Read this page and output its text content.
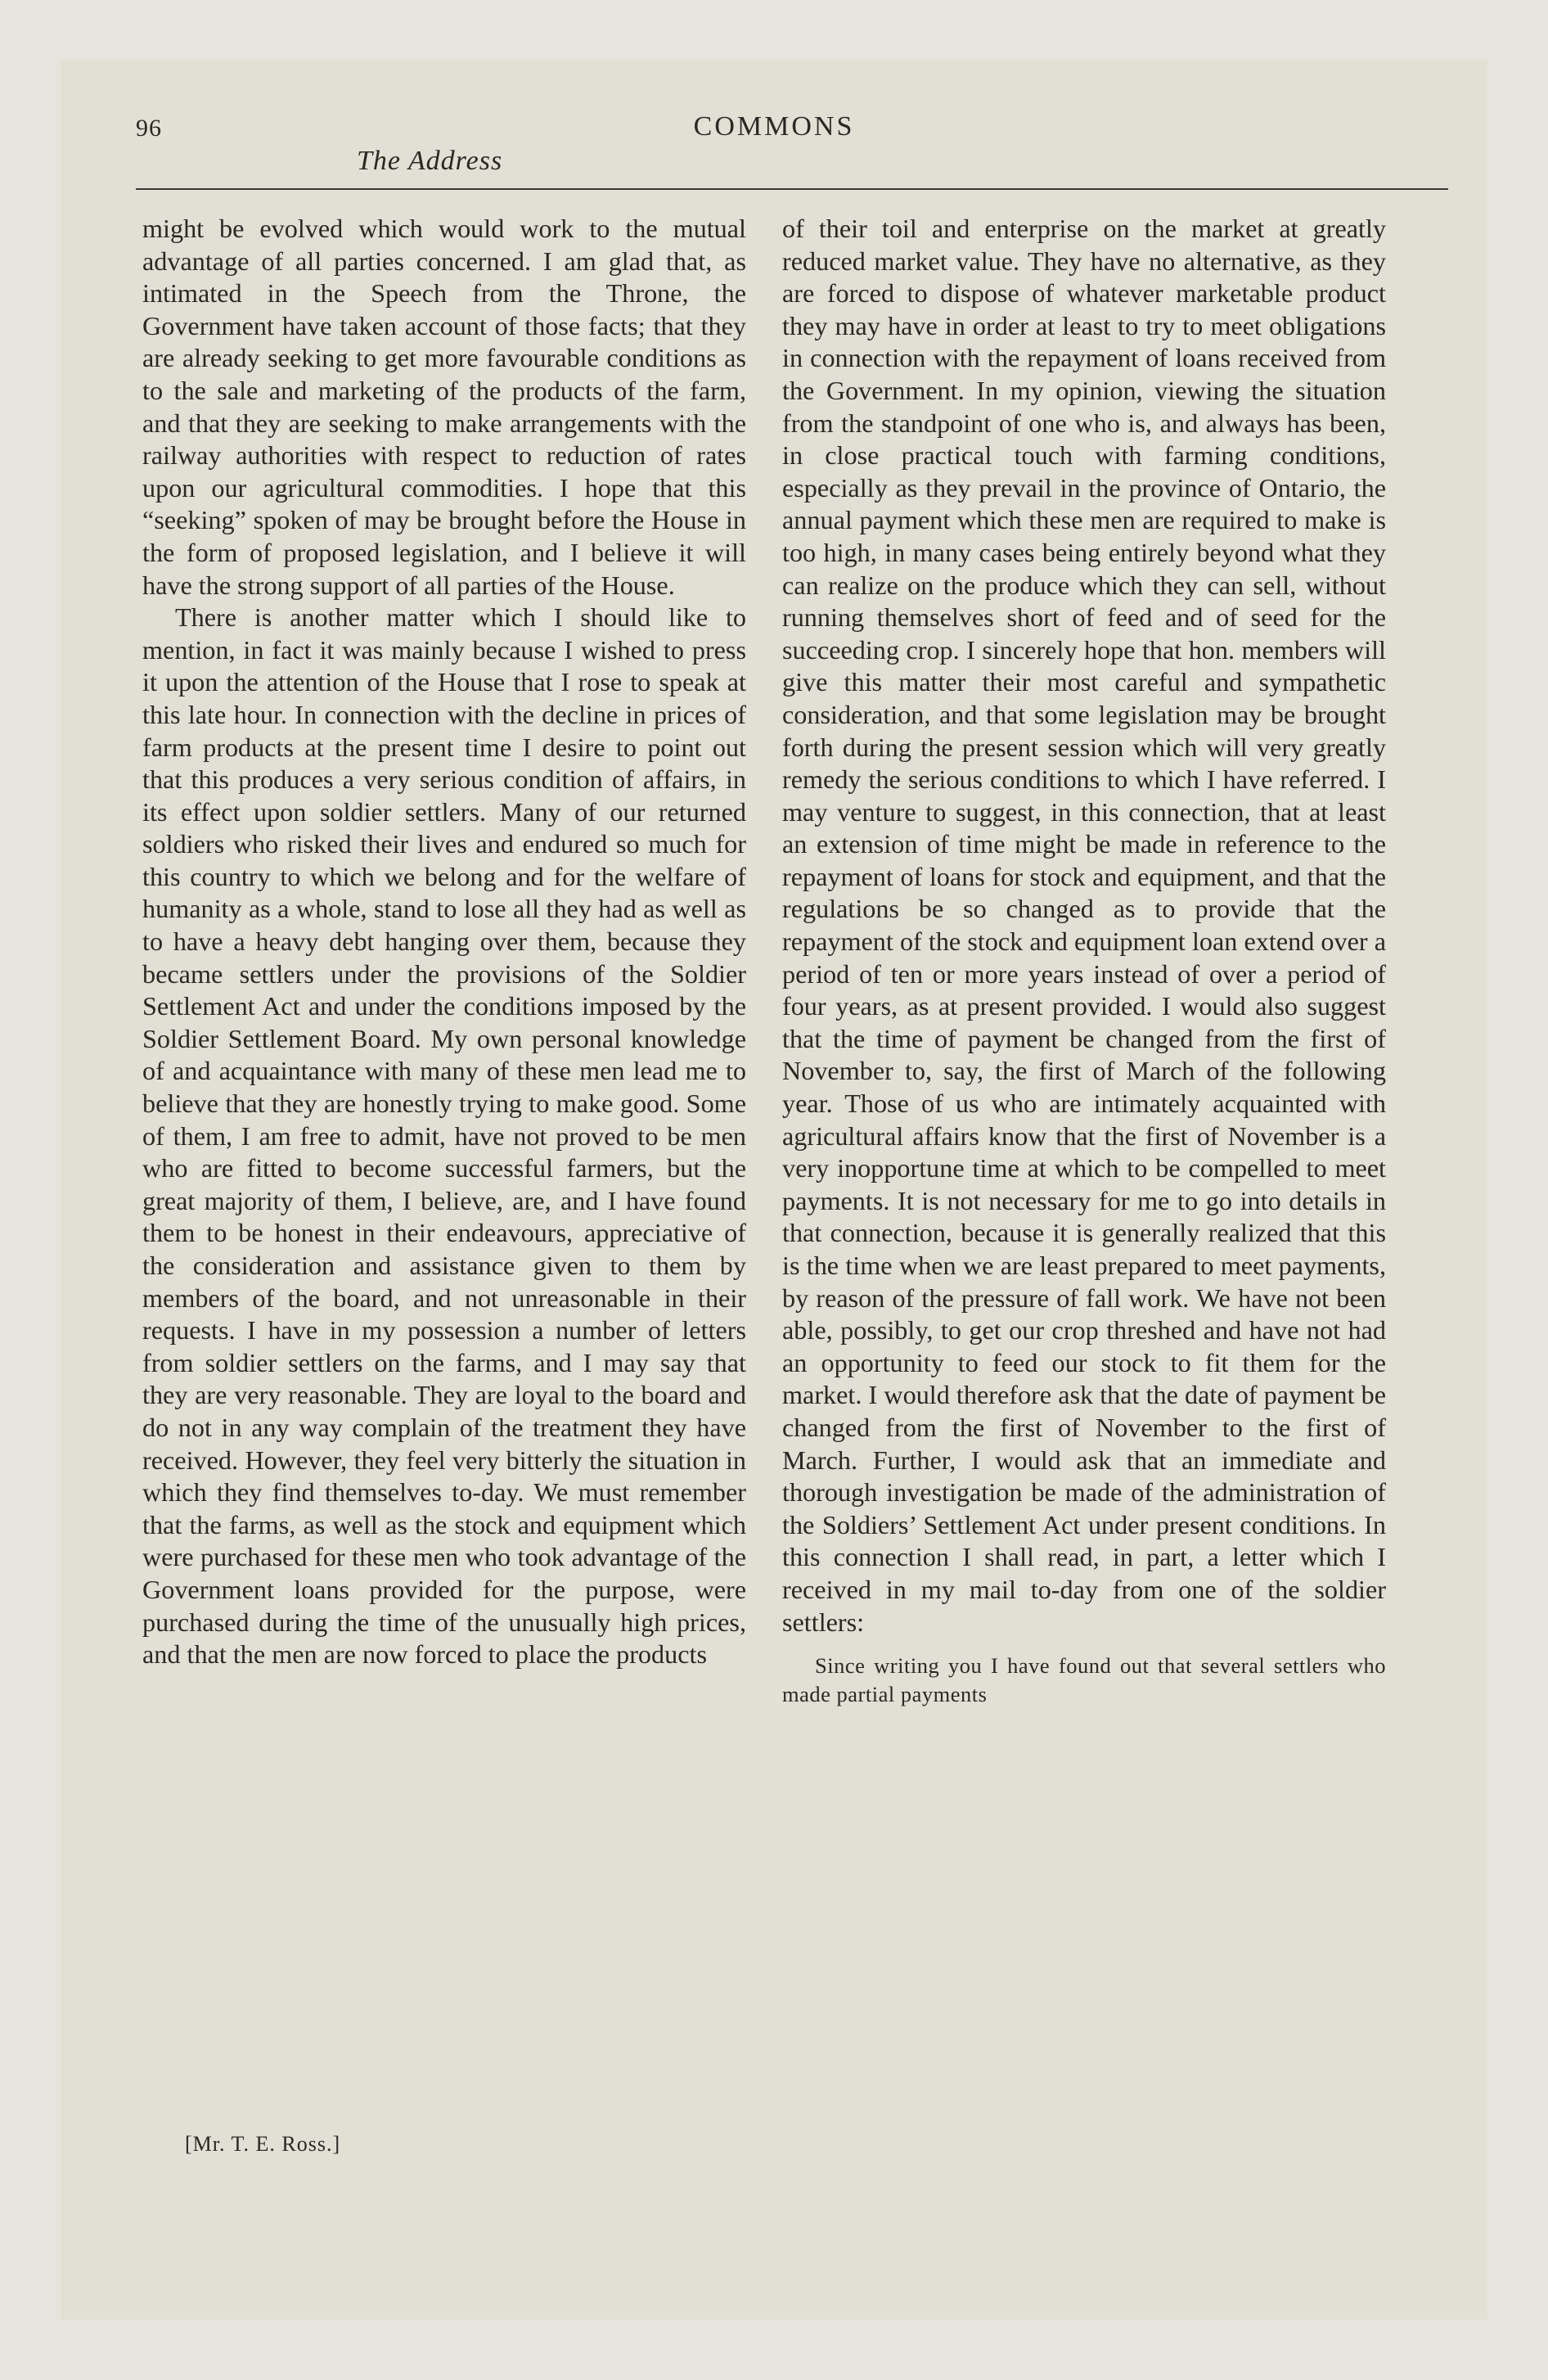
96	COMMONS
The Address

might be evolved which would work to the mutual advantage of all parties concerned. I am glad that, as intimated in the Speech from the Throne, the Government have taken account of those facts; that they are already seeking to get more favourable conditions as to the sale and marketing of the products of the farm, and that they are seeking to make arrangements with the railway authorities with respect to reduction of rates upon our agricultural commodities. I hope that this “seeking” spoken of may be brought before the House in the form of proposed legislation, and I believe it will have the strong support of all parties of the House.

There is another matter which I should like to mention, in fact it was mainly because I wished to press it upon the attention of the House that I rose to speak at this late hour. In connection with the decline in prices of farm products at the present time I desire to point out that this produces a very serious condition of affairs, in its effect upon soldier settlers. Many of our returned soldiers who risked their lives and endured so much for this country to which we belong and for the welfare of humanity as a whole, stand to lose all they had as well as to have a heavy debt hanging over them, because they became settlers under the provisions of the Soldier Settlement Act and under the conditions imposed by the Soldier Settlement Board. My own personal knowledge of and acquaintance with many of these men lead me to believe that they are honestly trying to make good. Some of them, I am free to admit, have not proved to be men who are fitted to become successful farmers, but the great majority of them, I believe, are, and I have found them to be honest in their endeavours, appreciative of the consideration and assistance given to them by members of the board, and not unreasonable in their requests. I have in my possession a number of letters from soldier settlers on the farms, and I may say that they are very reasonable. They are loyal to the board and do not in any way complain of the treatment they have received. However, they feel very bitterly the situation in which they find themselves to-day. We must remember that the farms, as well as the stock and equipment which were purchased for these men who took advantage of the Government loans provided for the purpose, were purchased during the time of the unusually high prices, and that the men are now forced to place the products

[Mr. T. E. Ross.]

of their toil and enterprise on the market at greatly reduced market value. They have no alternative, as they are forced to dispose of whatever marketable product they may have in order at least to try to meet obligations in connection with the repayment of loans received from the Government. In my opinion, viewing the situation from the standpoint of one who is, and always has been, in close practical touch with farming conditions, especially as they prevail in the province of Ontario, the annual payment which these men are required to make is too high, in many cases being entirely beyond what they can realize on the produce which they can sell, without running themselves short of feed and of seed for the succeeding crop. I sincerely hope that hon. members will give this matter their most careful and sympathetic consideration, and that some legislation may be brought forth during the present session which will very greatly remedy the serious conditions to which I have referred. I may venture to suggest, in this connection, that at least an extension of time might be made in reference to the repayment of loans for stock and equipment, and that the regulations be so changed as to provide that the repayment of the stock and equipment loan extend over a period of ten or more years instead of over a period of four years, as at present provided. I would also suggest that the time of payment be changed from the first of November to, say, the first of March of the following year. Those of us who are intimately acquainted with agricultural affairs know that the first of November is a very inopportune time at which to be compelled to meet payments. It is not necessary for me to go into details in that connection, because it is generally realized that this is the time when we are least prepared to meet payments, by reason of the pressure of fall work. We have not been able, possibly, to get our crop threshed and have not had an opportunity to feed our stock to fit them for the market. I would therefore ask that the date of payment be changed from the first of November to the first of March. Further, I would ask that an immediate and thorough investigation be made of the administration of the Soldiers’ Settlement Act under present conditions. In this connection I shall read, in part, a letter which I received in my mail to-day from one of the soldier settlers:

Since writing you I have found out that several settlers who made partial payments
